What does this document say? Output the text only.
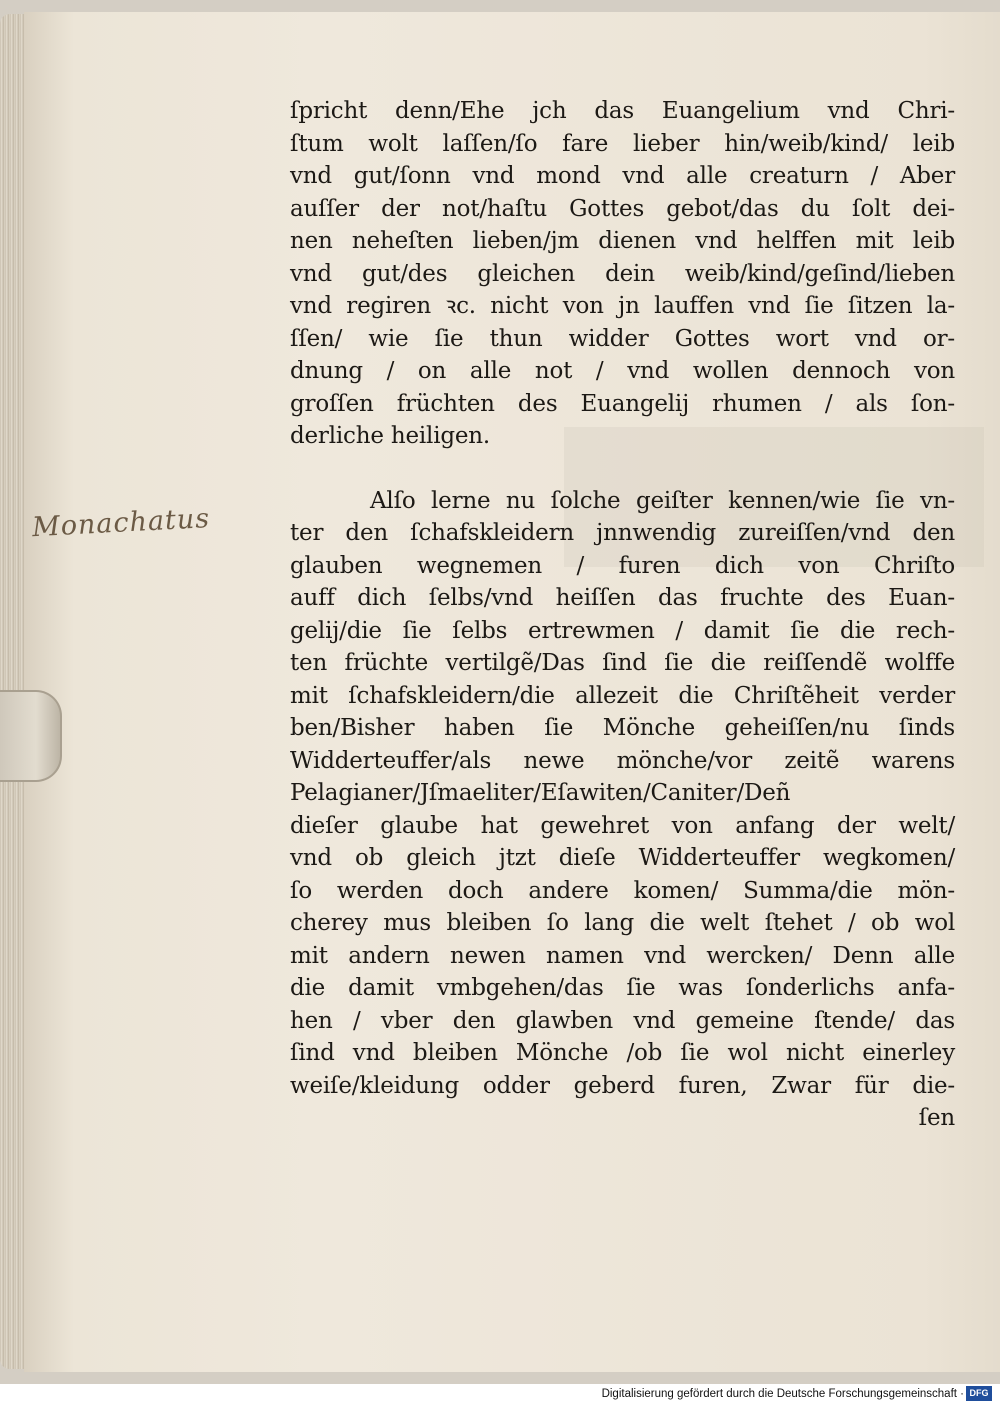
Monachatus

ſpricht denn/Ehe jch das Euangelium vnd Chri-
ſtum wolt laſſen/ſo fare lieber hin/weib/kind/ leib
vnd gut/ſonn vnd mond vnd alle creaturn / Aber
auſſer der not/haſtu Gottes gebot/das du ſolt dei-
nen neheſten lieben/jm dienen vnd helffen mit leib
vnd gut/des gleichen dein weib/kind/geſind/lieben
vnd regiren ꝛc. nicht von jn lauffen vnd ſie ſitzen la-
ſſen/ wie ſie thun widder Gottes wort vnd or-
dnung / on alle not / vnd wollen dennoch von
groſſen früchten des Euangelij rhumen / als ſon-
derliche heiligen.
Alſo lerne nu ſolche geiſter kennen/wie ſie vn-
ter den ſchafskleidern jnnwendig zureiſſen/vnd den
glauben wegnemen / furen dich von Chriſto
auff dich ſelbs/vnd heiſſen das fruchte des Euan-
gelij/die ſie ſelbs ertrewmen / damit ſie die rech-
ten früchte vertilgẽ/Das ſind ſie die reiſſendẽ wolffe
mit ſchafskleidern/die allezeit die Chriſtẽheit verder
ben/Bisher haben ſie Mönche geheiſſen/nu ſinds
Widderteuffer/als newe mönche/vor zeitẽ warens
Pelagianer/Jſmaeliter/Eſawiten/Caniter/Deñ
dieſer glaube hat gewehret von anfang der welt/
vnd ob gleich jtzt dieſe Widderteuffer wegkomen/
ſo werden doch andere komen/ Summa/die mön-
cherey mus bleiben ſo lang die welt ſtehet / ob wol
mit andern newen namen vnd wercken/ Denn alle
die damit vmbgehen/das ſie was ſonderlichs anfa-
hen / vber den glawben vnd gemeine ſtende/ das
ſind vnd bleiben Mönche /ob ſie wol nicht einerley
weiſe/kleidung odder geberd furen, Zwar für die-
ſen

Digitalisierung gefördert durch die Deutsche Forschungsgemeinschaft · DFG
